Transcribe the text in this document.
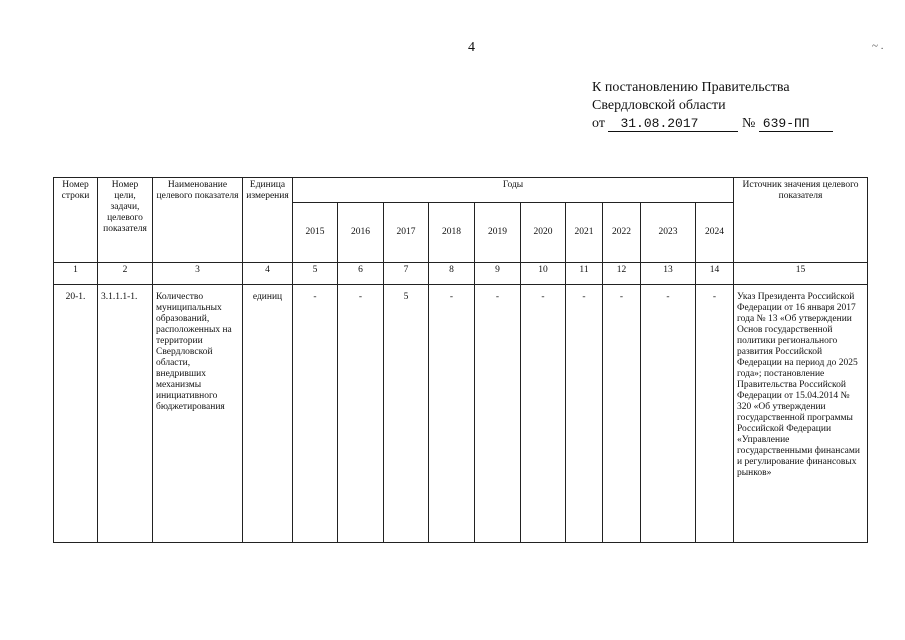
4	~ .
К постановлению Правительства
Свердловской области
от 31.08.2017	№ 639-ПП
Номер строки	Номер цели, задачи, целевого показателя	Наименование целевого показателя	Единица измерения	Годы										Источник значения целевого показателя
				2015	2016	2017	2018	2019	2020	2021	2022	2023	2024	
1	2	3	4	5	6	7	8	9	10	11	12	13	14	15
20-1.	3.1.1.1-1.	Количество муниципальных образований, расположенных на территории Свердловской области, внедривших механизмы инициативного бюджетирования	единиц	-	-	5	-	-	-	-	-	-	-	Указ Президента Российской Федерации от 16 января 2017 года № 13 «Об утверждении Основ государственной политики регионального развития Российской Федерации на период до 2025 года»; постановление Правительства Российской Федерации от 15.04.2014 № 320 «Об утверждении государственной программы Российской Федерации «Управление государственными финансами и регулирование финансовых рынков»
